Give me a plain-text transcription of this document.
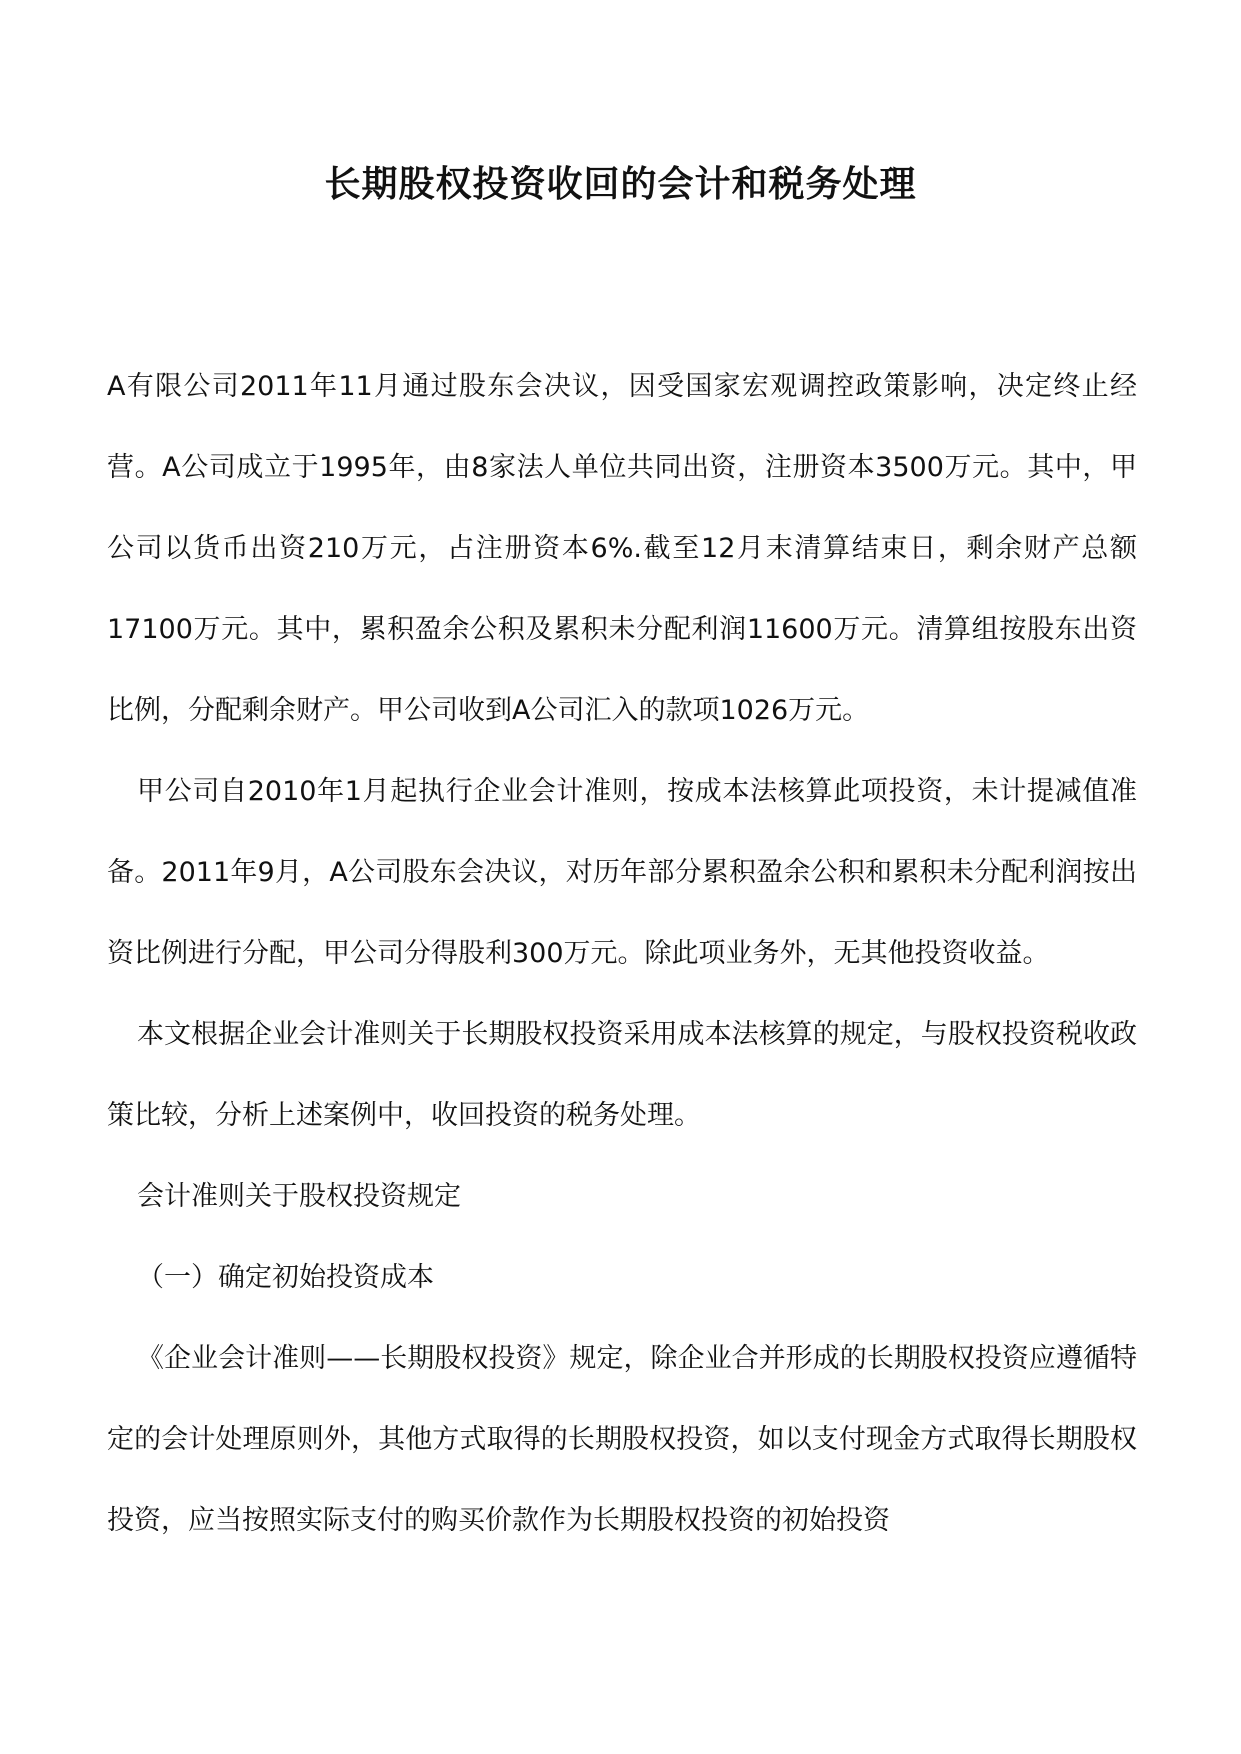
长期股权投资收回的会计和税务处理

A有限公司2011年11月通过股东会决议，因受国家宏观调控政策影响，决定终止经营。A公司成立于1995年，由8家法人单位共同出资，注册资本3500万元。其中，甲公司以货币出资210万元，占注册资本6%.截至12月末清算结束日，剩余财产总额17100万元。其中，累积盈余公积及累积未分配利润11600万元。清算组按股东出资比例，分配剩余财产。甲公司收到A公司汇入的款项1026万元。

甲公司自2010年1月起执行企业会计准则，按成本法核算此项投资，未计提减值准备。2011年9月，A公司股东会决议，对历年部分累积盈余公积和累积未分配利润按出资比例进行分配，甲公司分得股利300万元。除此项业务外，无其他投资收益。

本文根据企业会计准则关于长期股权投资采用成本法核算的规定，与股权投资税收政策比较，分析上述案例中，收回投资的税务处理。

会计准则关于股权投资规定

（一）确定初始投资成本

《企业会计准则——长期股权投资》规定，除企业合并形成的长期股权投资应遵循特定的会计处理原则外，其他方式取得的长期股权投资，如以支付现金方式取得长期股权投资，应当按照实际支付的购买价款作为长期股权投资的初始投资
